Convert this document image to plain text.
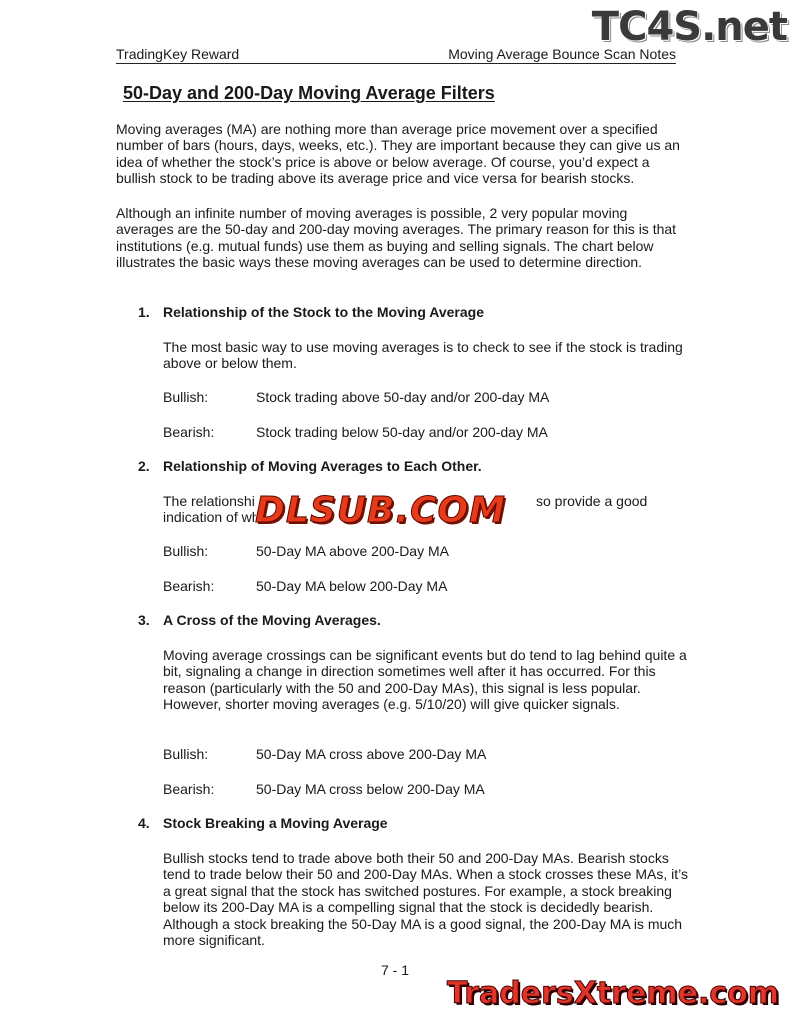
TC4S.net
TradingKey Reward	Moving Average Bounce Scan Notes
50-Day and 200-Day Moving Average Filters
Moving averages (MA) are nothing more than average price movement over a specified number of bars (hours, days, weeks, etc.). They are important because they can give us an idea of whether the stock’s price is above or below average. Of course, you’d expect a bullish stock to be trading above its average price and vice versa for bearish stocks.
Although an infinite number of moving averages is possible, 2 very popular moving averages are the 50-day and 200-day moving averages. The primary reason for this is that institutions (e.g. mutual funds) use them as buying and selling signals. The chart below illustrates the basic ways these moving averages can be used to determine direction.
1. Relationship of the Stock to the Moving Average
The most basic way to use moving averages is to check to see if the stock is trading above or below them.
Bullish:	Stock trading above 50-day and/or 200-day MA
Bearish:	Stock trading below 50-day and/or 200-day MA
2. Relationship of Moving Averages to Each Other.
The relationshi	so provide a good
indication of wh
Bullish:	50-Day MA above 200-Day MA
Bearish:	50-Day MA below 200-Day MA
DLSUB.COM
3. A Cross of the Moving Averages.
Moving average crossings can be significant events but do tend to lag behind quite a bit, signaling a change in direction sometimes well after it has occurred. For this reason (particularly with the 50 and 200-Day MAs), this signal is less popular. However, shorter moving averages (e.g. 5/10/20) will give quicker signals.
Bullish:	50-Day MA cross above 200-Day MA
Bearish:	50-Day MA cross below 200-Day MA
4. Stock Breaking a Moving Average
Bullish stocks tend to trade above both their 50 and 200-Day MAs. Bearish stocks tend to trade below their 50 and 200-Day MAs. When a stock crosses these MAs, it’s a great signal that the stock has switched postures. For example, a stock breaking below its 200-Day MA is a compelling signal that the stock is decidedly bearish. Although a stock breaking the 50-Day MA is a good signal, the 200-Day MA is much more significant.
7 - 1
TradersXtreme.com
